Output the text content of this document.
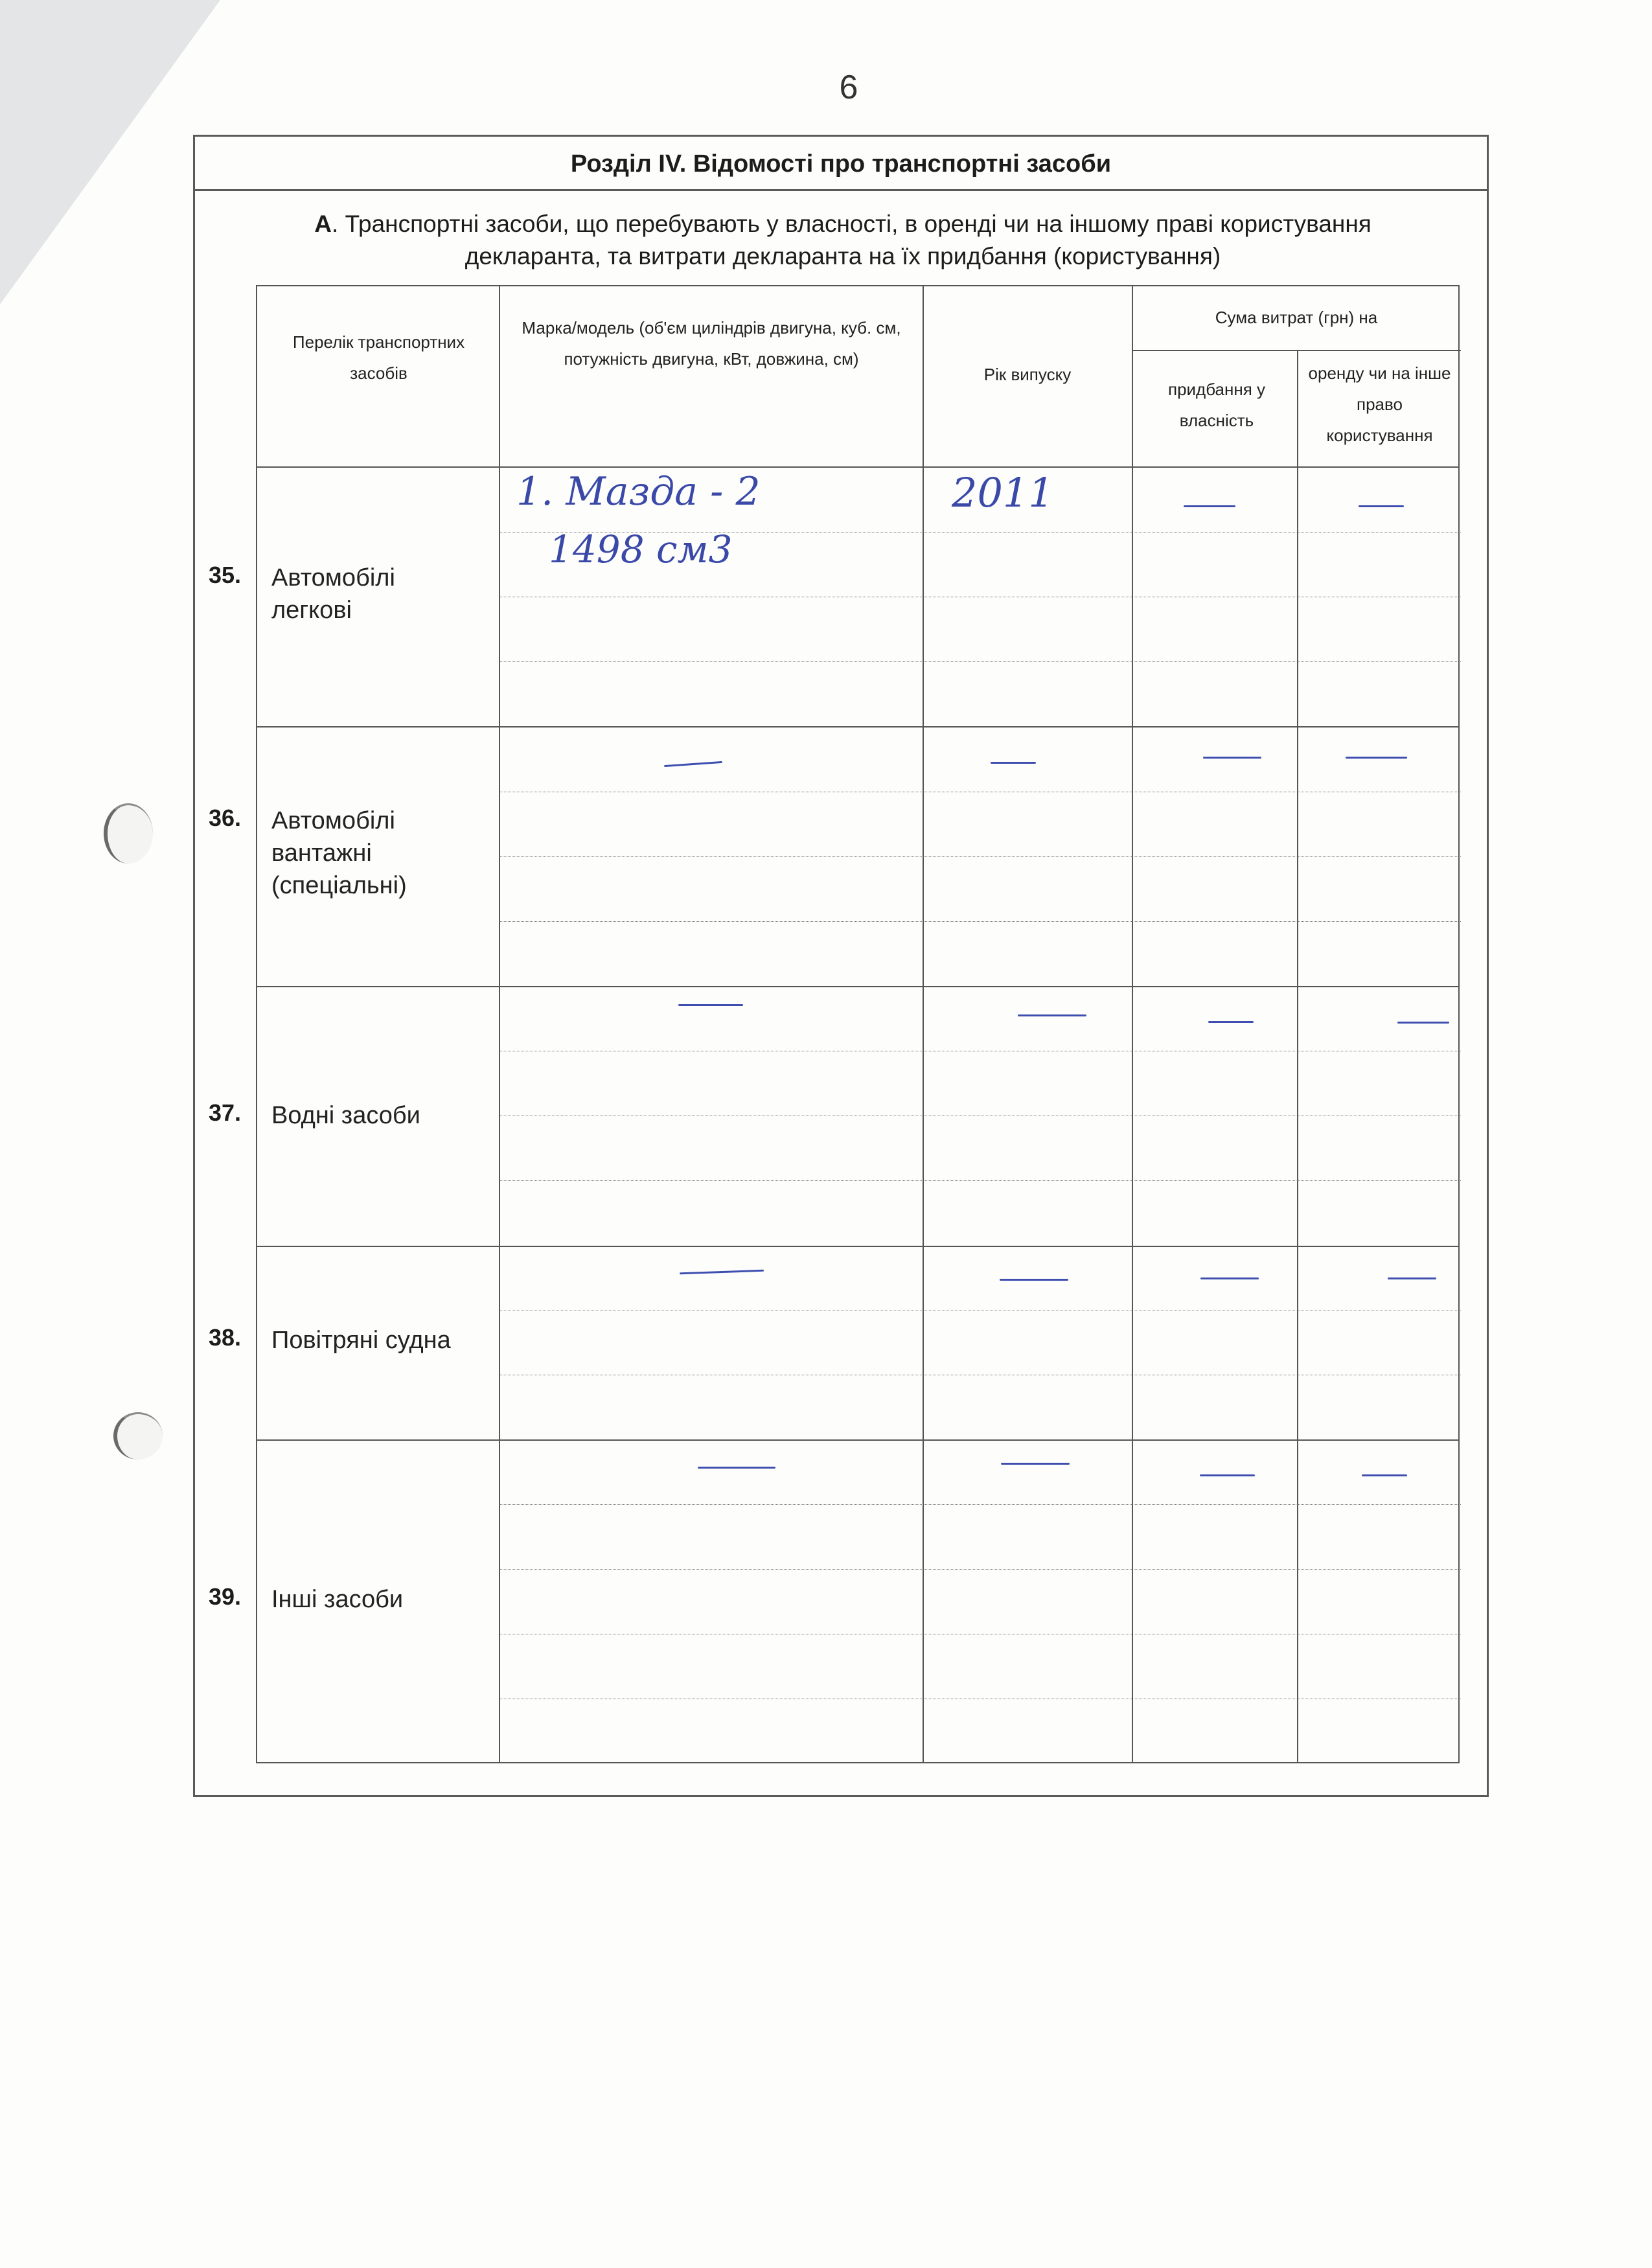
6
Розділ IV. Відомості про транспортні засоби
А. Транспортні засоби, що перебувають у власності, в оренді чи на іншому праві користування декларанта, та витрати декларанта на їх придбання (користування)
Перелік транспортних засобів
Марка/модель (об'єм циліндрів двигуна, куб. см, потужність двигуна, кВт, довжина, см)
Рік випуску
Сума витрат (грн) на
придбання у власність
оренду чи на інше право користування
35. Автомобілі легкові
36. Автомобілі вантажні (спеціальні)
37. Водні засоби
38. Повітряні судна
39. Інші засоби
1. Мазда - 2
1498 см3
2011
